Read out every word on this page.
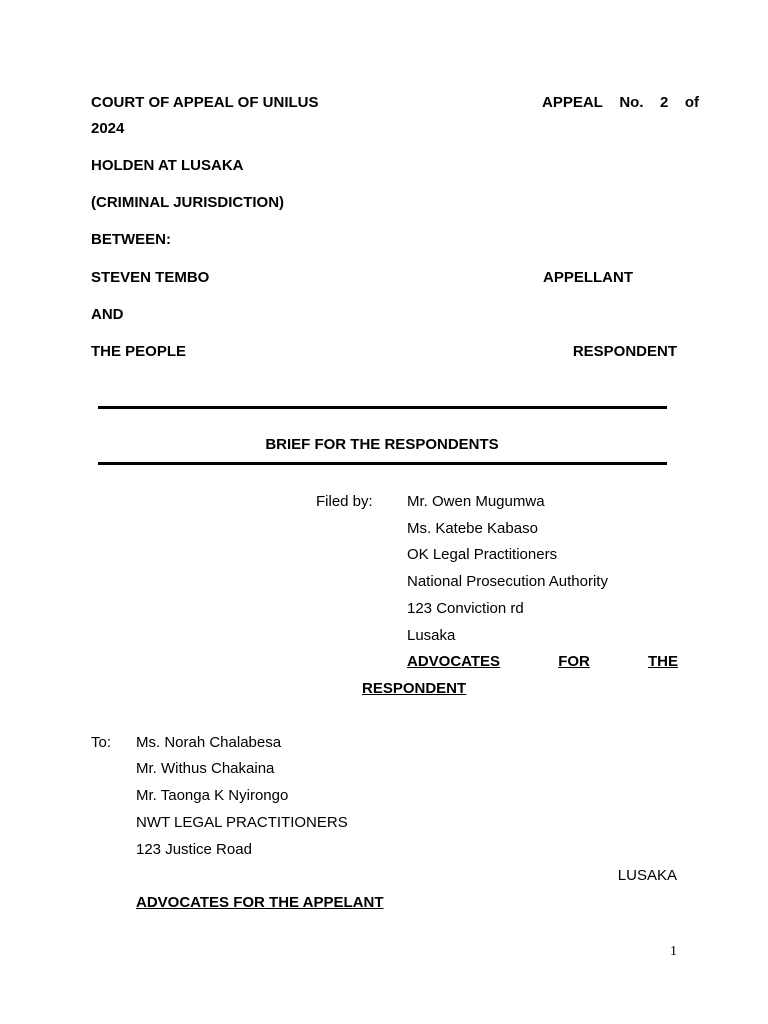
COURT OF APPEAL OF UNILUS	APPEAL No. 2 of
2024
HOLDEN AT LUSAKA
(CRIMINAL JURISDICTION)
BETWEEN:
STEVEN TEMBO	APPELLANT
AND
THE PEOPLE	RESPONDENT
BRIEF FOR THE RESPONDENTS
Filed by: Mr. Owen Mugumwa
Ms. Katebe Kabaso
OK Legal Practitioners
National Prosecution Authority
123 Conviction rd
Lusaka
ADVOCATES	FOR	THE
RESPONDENT
To: Ms. Norah Chalabesa
Mr. Withus Chakaina
Mr. Taonga K Nyirongo
NWT LEGAL PRACTITIONERS
123 Justice Road
LUSAKA
ADVOCATES FOR THE APPELANT
1
